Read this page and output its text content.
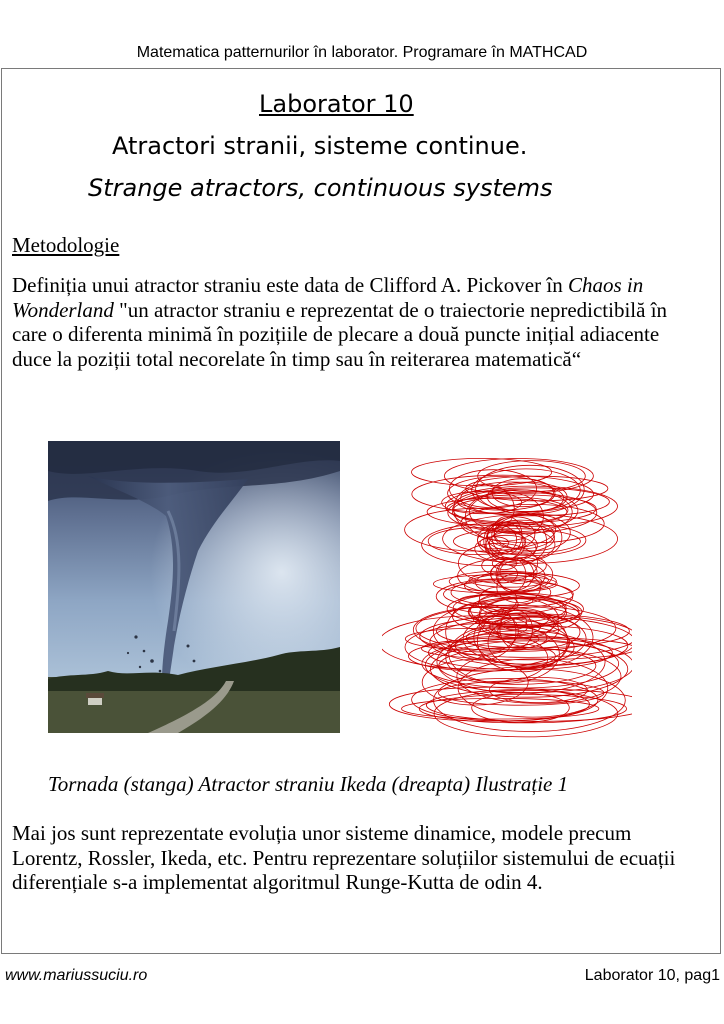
Matematica patternurilor în laborator. Programare în MATHCAD
Laborator 10
Atractori stranii, sisteme continue.
Strange atractors, continuous systems
Metodologie
Definiția unui atractor straniu este data de Clifford A. Pickover în Chaos in Wonderland "un atractor straniu e reprezentat de o traiectorie nepredictibilă în care o diferenta minimă în pozițiile de plecare a două puncte inițial adiacente duce la poziții total necorelate în timp sau în reiterarea matematică“
Tornada (stanga) Atractor straniu Ikeda (dreapta) Ilustrație 1
Mai jos sunt reprezentate evoluția unor sisteme dinamice, modele precum Lorentz, Rossler, Ikeda, etc. Pentru reprezentare soluțiilor sistemului de ecuații diferențiale s-a implementat algoritmul Runge-Kutta de odin 4.
www.mariussuciu.ro	Laborator 10, pag1
